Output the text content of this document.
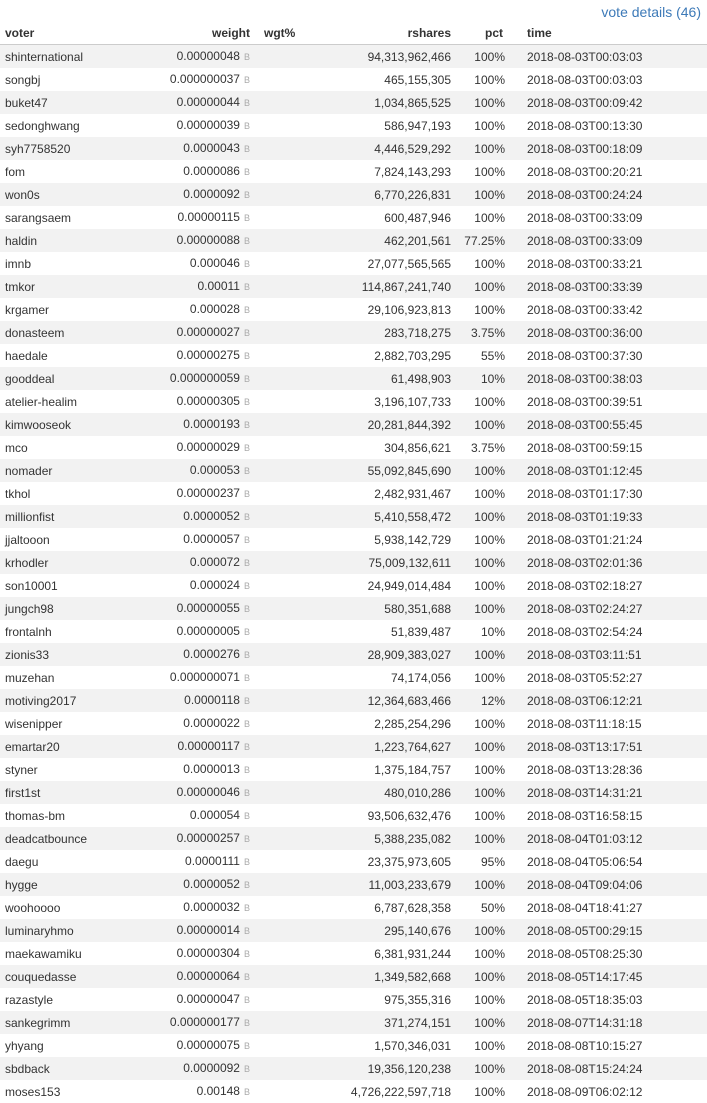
vote details (46)
voter	weight	wgt%	rshares	pct	time
shinternational	0.00000048 B		94,313,962,466	100%	2018-08-03T00:03:03
songbj	0.000000037 B		465,155,305	100%	2018-08-03T00:03:03
buket47	0.00000044 B		1,034,865,525	100%	2018-08-03T00:09:42
sedonghwang	0.00000039 B		586,947,193	100%	2018-08-03T00:13:30
syh7758520	0.0000043 B		4,446,529,292	100%	2018-08-03T00:18:09
fom	0.0000086 B		7,824,143,293	100%	2018-08-03T00:20:21
won0s	0.0000092 B		6,770,226,831	100%	2018-08-03T00:24:24
sarangsaem	0.00000115 B		600,487,946	100%	2018-08-03T00:33:09
haldin	0.00000088 B		462,201,561	77.25%	2018-08-03T00:33:09
imnb	0.000046 B		27,077,565,565	100%	2018-08-03T00:33:21
tmkor	0.00011 B		114,867,241,740	100%	2018-08-03T00:33:39
krgamer	0.000028 B		29,106,923,813	100%	2018-08-03T00:33:42
donasteem	0.00000027 B		283,718,275	3.75%	2018-08-03T00:36:00
haedale	0.00000275 B		2,882,703,295	55%	2018-08-03T00:37:30
gooddeal	0.000000059 B		61,498,903	10%	2018-08-03T00:38:03
atelier-healim	0.00000305 B		3,196,107,733	100%	2018-08-03T00:39:51
kimwooseok	0.0000193 B		20,281,844,392	100%	2018-08-03T00:55:45
mco	0.00000029 B		304,856,621	3.75%	2018-08-03T00:59:15
nomader	0.000053 B		55,092,845,690	100%	2018-08-03T01:12:45
tkhol	0.00000237 B		2,482,931,467	100%	2018-08-03T01:17:30
millionfist	0.0000052 B		5,410,558,472	100%	2018-08-03T01:19:33
jjaltooon	0.0000057 B		5,938,142,729	100%	2018-08-03T01:21:24
krhodler	0.000072 B		75,009,132,611	100%	2018-08-03T02:01:36
son10001	0.000024 B		24,949,014,484	100%	2018-08-03T02:18:27
jungch98	0.00000055 B		580,351,688	100%	2018-08-03T02:24:27
frontalnh	0.00000005 B		51,839,487	10%	2018-08-03T02:54:24
zionis33	0.0000276 B		28,909,383,027	100%	2018-08-03T03:11:51
muzehan	0.000000071 B		74,174,056	100%	2018-08-03T05:52:27
motiving2017	0.0000118 B		12,364,683,466	12%	2018-08-03T06:12:21
wisenipper	0.0000022 B		2,285,254,296	100%	2018-08-03T11:18:15
emartar20	0.00000117 B		1,223,764,627	100%	2018-08-03T13:17:51
styner	0.0000013 B		1,375,184,757	100%	2018-08-03T13:28:36
first1st	0.00000046 B		480,010,286	100%	2018-08-03T14:31:21
thomas-bm	0.000054 B		93,506,632,476	100%	2018-08-03T16:58:15
deadcatbounce	0.00000257 B		5,388,235,082	100%	2018-08-04T01:03:12
daegu	0.0000111 B		23,375,973,605	95%	2018-08-04T05:06:54
hygge	0.0000052 B		11,003,233,679	100%	2018-08-04T09:04:06
woohoooo	0.0000032 B		6,787,628,358	50%	2018-08-04T18:41:27
luminaryhmo	0.00000014 B		295,140,676	100%	2018-08-05T00:29:15
maekawamiku	0.00000304 B		6,381,931,244	100%	2018-08-05T08:25:30
couquedasse	0.00000064 B		1,349,582,668	100%	2018-08-05T14:17:45
razastyle	0.00000047 B		975,355,316	100%	2018-08-05T18:35:03
sankegrimm	0.000000177 B		371,274,151	100%	2018-08-07T14:31:18
yhyang	0.00000075 B		1,570,346,031	100%	2018-08-08T10:15:27
sbdback	0.0000092 B		19,356,120,238	100%	2018-08-08T15:24:24
moses153	0.00148 B		4,726,222,597,718	100%	2018-08-09T06:02:12
